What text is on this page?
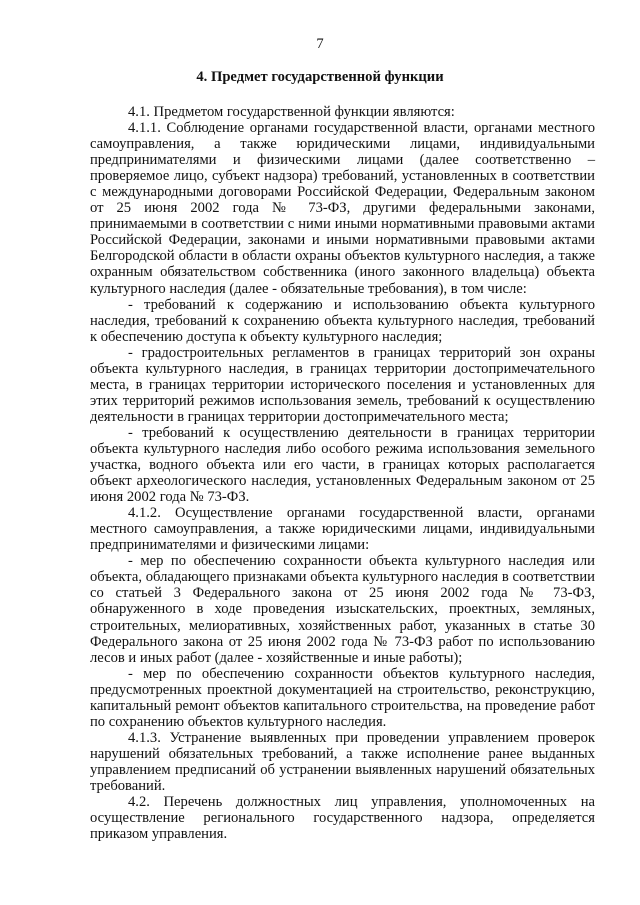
7
4. Предмет государственной функции

4.1. Предметом государственной функции являются:

4.1.1. Соблюдение органами государственной власти, органами местного самоуправления, а также юридическими лицами, индивидуальными предпринимателями и физическими лицами (далее соответственно – проверяемое лицо, субъект надзора) требований, установленных в соответствии с международными договорами Российской Федерации, Федеральным законом от 25 июня 2002 года № 73-ФЗ, другими федеральными законами, принимаемыми в соответствии с ними иными нормативными правовыми актами Российской Федерации, законами и иными нормативными правовыми актами Белгородской области в области охраны объектов культурного наследия, а также охранным обязательством собственника (иного законного владельца) объекта культурного наследия (далее - обязательные требования), в том числе:

- требований к содержанию и использованию объекта культурного наследия, требований к сохранению объекта культурного наследия, требований к обеспечению доступа к объекту культурного наследия;

- градостроительных регламентов в границах территорий зон охраны объекта культурного наследия, в границах территории достопримечательного места, в границах территории исторического поселения и установленных для этих территорий режимов использования земель, требований к осуществлению деятельности в границах территории достопримечательного места;

- требований к осуществлению деятельности в границах территории объекта культурного наследия либо особого режима использования земельного участка, водного объекта или его части, в границах которых располагается объект археологического наследия, установленных Федеральным законом от 25 июня 2002 года № 73-ФЗ.

4.1.2. Осуществление органами государственной власти, органами местного самоуправления, а также юридическими лицами, индивидуальными предпринимателями и физическими лицами:

- мер по обеспечению сохранности объекта культурного наследия или объекта, обладающего признаками объекта культурного наследия в соответствии со статьей 3 Федерального закона от 25 июня 2002 года № 73-ФЗ, обнаруженного в ходе проведения изыскательских, проектных, земляных, строительных, мелиоративных, хозяйственных работ, указанных в статье 30 Федерального закона от 25 июня 2002 года № 73-ФЗ работ по использованию лесов и иных работ (далее - хозяйственные и иные работы);

- мер по обеспечению сохранности объектов культурного наследия, предусмотренных проектной документацией на строительство, реконструкцию, капитальный ремонт объектов капитального строительства, на проведение работ по сохранению объектов культурного наследия.

4.1.3. Устранение выявленных при проведении управлением проверок нарушений обязательных требований, а также исполнение ранее выданных управлением предписаний об устранении выявленных нарушений обязательных требований.

4.2. Перечень должностных лиц управления, уполномоченных на осуществление регионального государственного надзора, определяется приказом управления.
